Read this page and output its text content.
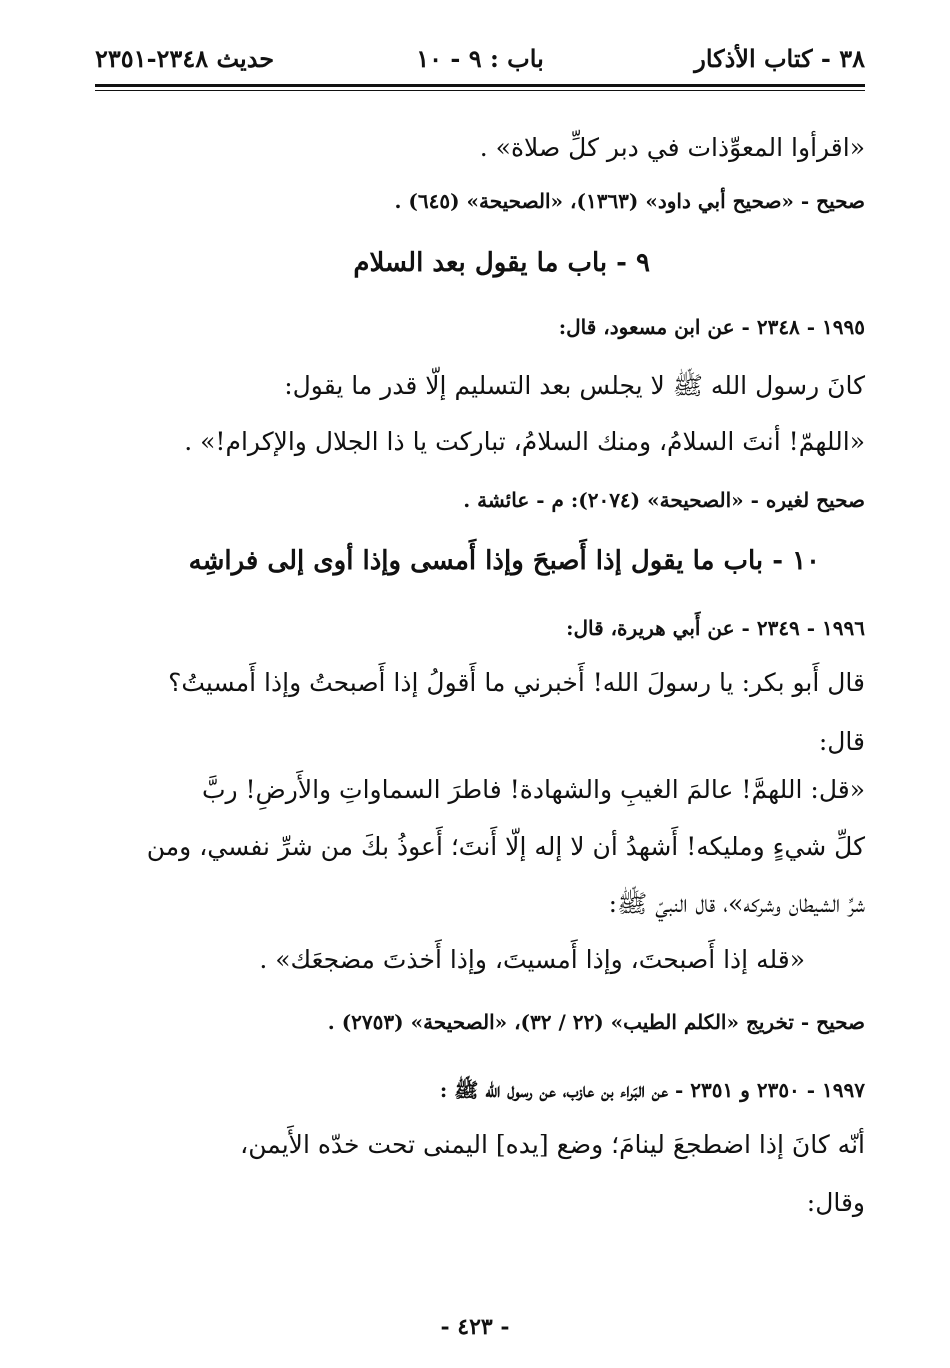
٣٨ - كتاب الأذكار
باب : ٩ - ١٠
حديث ٢٣٤٨-٢٣٥١
«اقرأوا المعوِّذات في دبر كلِّ صلاة» .
صحيح - «صحيح أبي داود» (١٣٦٣)، «الصحيحة» (٦٤٥) .
٩ - باب ما يقول بعد السلام
١٩٩٥ - ٢٣٤٨ - عن ابن مسعود، قال:
كانَ رسول الله ﷺ لا يجلس بعد التسليم إلّا قدر ما يقول:
«اللهمّ! أنتَ السلامُ، ومنك السلامُ، تباركت يا ذا الجلال والإكرام!» .
صحيح لغيره - «الصحيحة» (٢٠٧٤): م - عائشة .
١٠ - باب ما يقول إذا أَصبحَ وإذا أَمسى وإذا أوى إلى فراشِه
١٩٩٦ - ٢٣٤٩ - عن أَبي هريرة، قال:
قال أَبو بكر: يا رسولَ الله! أَخبرني ما أَقولُ إذا أَصبحتُ وإذا أَمسيتُ؟
قال:
«قل: اللهمَّ! عالمَ الغيبِ والشهادة! فاطرَ السماواتِ والأَرضِ! ربَّ
كلِّ شيءٍ ومليكه! أَشهدُ أن لا إله إلّا أَنتَ؛ أَعوذُ بكَ من شرِّ نفسي، ومن
شرِّ الشيطان وشركه»، قال النبيّ ﷺ:
«قله إذا أَصبحتَ، وإذا أَمسيتَ، وإذا أَخذتَ مضجعَك» .
صحيح - تخريج «الكلم الطيب» (٢٢ / ٣٢)، «الصحيحة» (٢٧٥٣) .
١٩٩٧ - ٢٣٥٠ و ٢٣٥١ - عن البَراء بن عازب، عن رسول الله ﷺ :
أنّه كانَ إذا اضطجعَ لينامَ؛ وضع [يده] اليمنى تحت خدّه الأَيمن،
وقال:
- ٤٢٣ -
